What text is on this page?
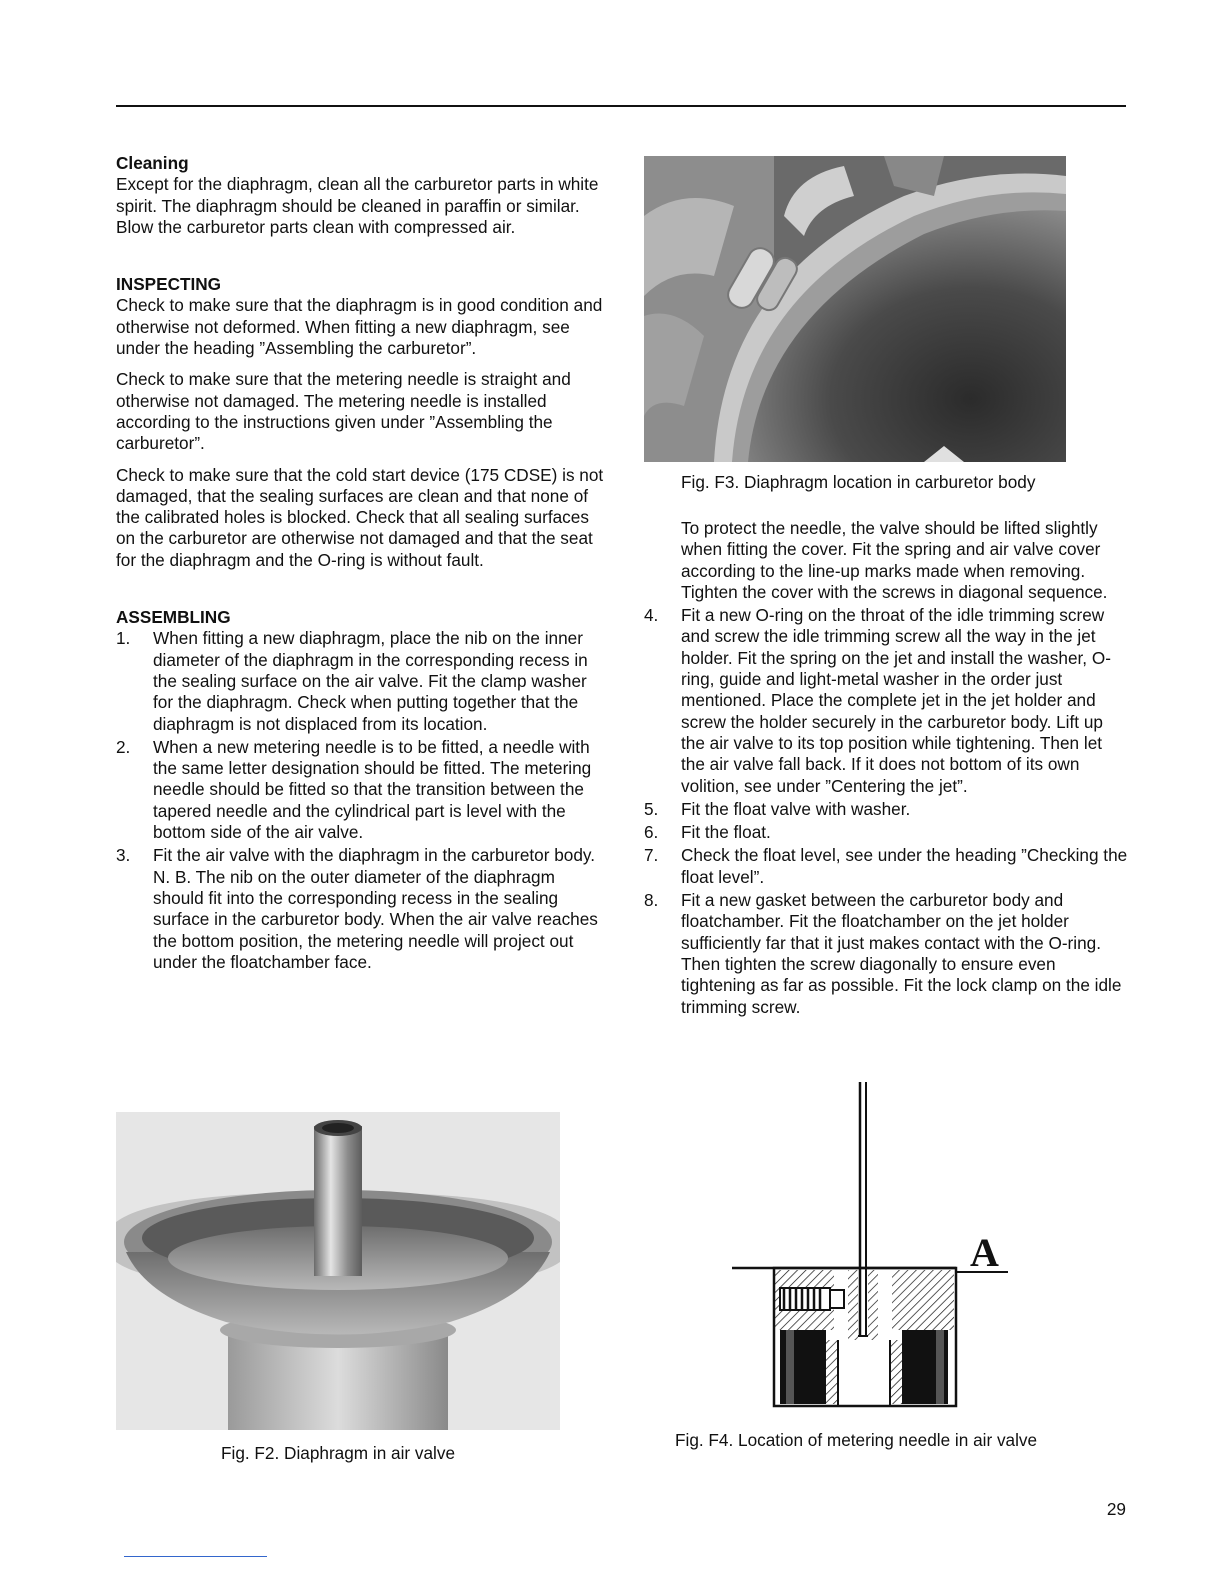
Cleaning

Except for the diaphragm, clean all the carburetor parts in white spirit. The diaphragm should be cleaned in paraffin or similar. Blow the carburetor parts clean with compressed air.

INSPECTING

Check to make sure that the diaphragm is in good condition and otherwise not deformed. When fitting a new diaphragm, see under the heading ”Assembling the carburetor”.

Check to make sure that the metering needle is straight and otherwise not damaged. The metering needle is installed according to the instructions given under ”Assembling the carburetor”.

Check to make sure that the cold start device (175 CDSE) is not damaged, that the sealing surfaces are clean and that none of the calibrated holes is blocked. Check that all sealing surfaces on the carburetor are otherwise not damaged and that the seat for the diaphragm and the O-ring is without fault.

ASSEMBLING
1. When fitting a new diaphragm, place the nib on the inner diameter of the diaphragm in the corresponding recess in the sealing surface on the air valve. Fit the clamp washer for the diaphragm. Check when putting together that the diaphragm is not displaced from its location.
2. When a new metering needle is to be fitted, a needle with the same letter designation should be fitted. The metering needle should be fitted so that the transition between the tapered needle and the cylindrical part is level with the bottom side of the air valve.
3. Fit the air valve with the diaphragm in the carburetor body. N. B. The nib on the outer diameter of the diaphragm should fit into the corresponding recess in the sealing surface in the carburetor body. When the air valve reaches the bottom position, the metering needle will project out under the floatchamber face.
Fig. F3. Diaphragm location in carburetor body

To protect the needle, the valve should be lifted slightly when fitting the cover. Fit the spring and air valve cover according to the line-up marks made when removing. Tighten the cover with the screws in diagonal sequence.

4. Fit a new O-ring on the throat of the idle trimming screw and screw the idle trimming screw all the way in the jet holder. Fit the spring on the jet and install the washer, O-ring, guide and light-metal washer in the order just mentioned. Place the complete jet in the jet holder and screw the holder securely in the carburetor body. Lift up the air valve to its top position while tightening. Then let the air valve fall back. If it does not bottom of its own volition, see under ”Centering the jet”.
5. Fit the float valve with washer.
6. Fit the float.
7. Check the float level, see under the heading ”Checking the float level”.
8. Fit a new gasket between the carburetor body and floatchamber. Fit the floatchamber on the jet holder sufficiently far that it just makes contact with the O-ring. Then tighten the screw diagonally to ensure even tightening as far as possible. Fit the lock clamp on the idle trimming screw.
Fig. F2. Diaphragm in air valve
A
Fig. F4. Location of metering needle in air valve
29
